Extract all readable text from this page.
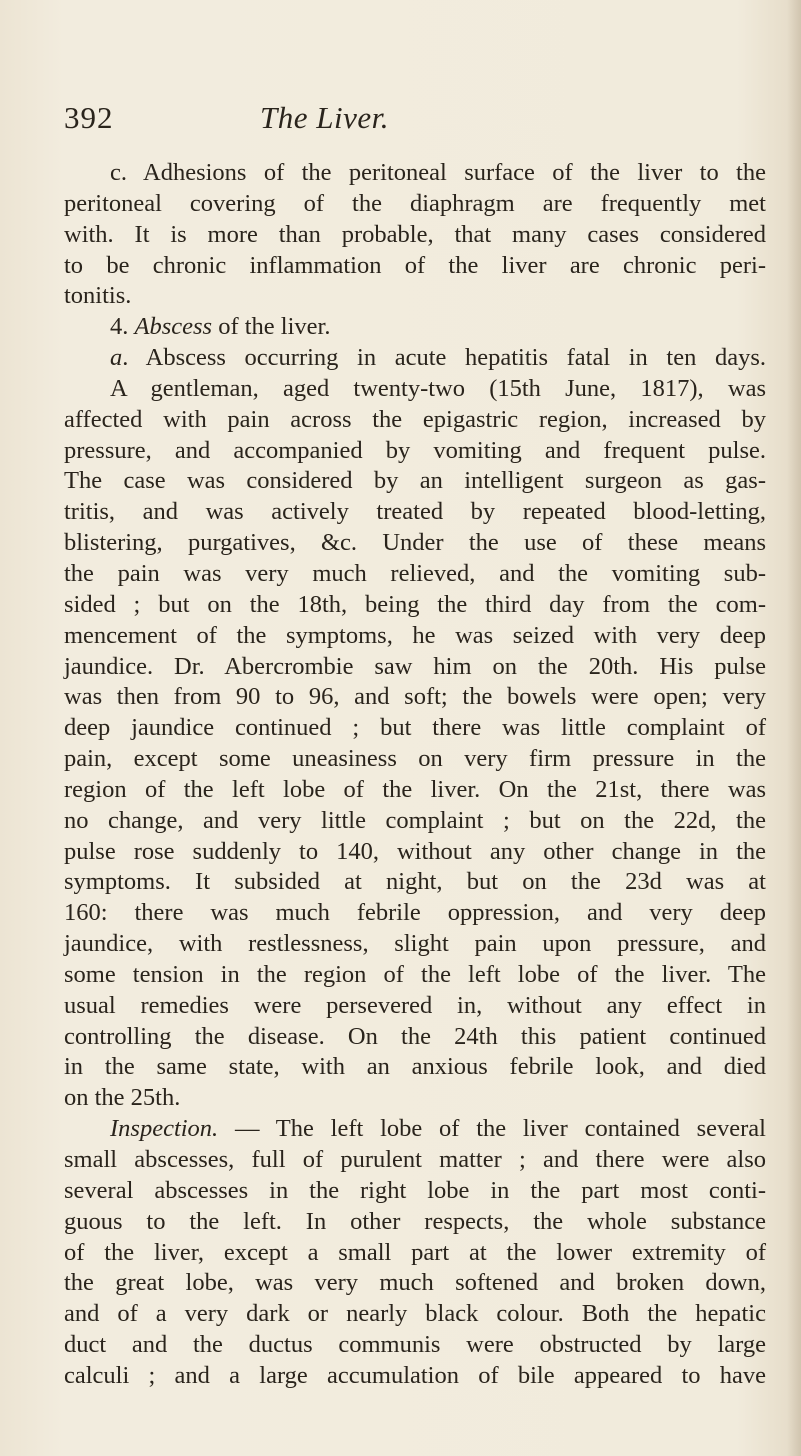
392	The Liver.
c. Adhesions of the peritoneal surface of the liver to the
peritoneal covering of the diaphragm are frequently met
with. It is more than probable, that many cases considered
to be chronic inflammation of the liver are chronic peri-
tonitis.
4. Abscess of the liver.
a. Abscess occurring in acute hepatitis fatal in ten days.
A gentleman, aged twenty-two (15th June, 1817), was
affected with pain across the epigastric region, increased by
pressure, and accompanied by vomiting and frequent pulse.
The case was considered by an intelligent surgeon as gas-
tritis, and was actively treated by repeated blood-letting,
blistering, purgatives, &c. Under the use of these means
the pain was very much relieved, and the vomiting sub-
sided ; but on the 18th, being the third day from the com-
mencement of the symptoms, he was seized with very deep
jaundice. Dr. Abercrombie saw him on the 20th. His pulse
was then from 90 to 96, and soft; the bowels were open; very
deep jaundice continued ; but there was little complaint of
pain, except some uneasiness on very firm pressure in the
region of the left lobe of the liver. On the 21st, there was
no change, and very little complaint ; but on the 22d, the
pulse rose suddenly to 140, without any other change in the
symptoms. It subsided at night, but on the 23d was at
160: there was much febrile oppression, and very deep
jaundice, with restlessness, slight pain upon pressure, and
some tension in the region of the left lobe of the liver. The
usual remedies were persevered in, without any effect in
controlling the disease. On the 24th this patient continued
in the same state, with an anxious febrile look, and died
on the 25th.
Inspection. — The left lobe of the liver contained several
small abscesses, full of purulent matter ; and there were also
several abscesses in the right lobe in the part most conti-
guous to the left. In other respects, the whole substance
of the liver, except a small part at the lower extremity of
the great lobe, was very much softened and broken down,
and of a very dark or nearly black colour. Both the hepatic
duct and the ductus communis were obstructed by large
calculi ; and a large accumulation of bile appeared to have
